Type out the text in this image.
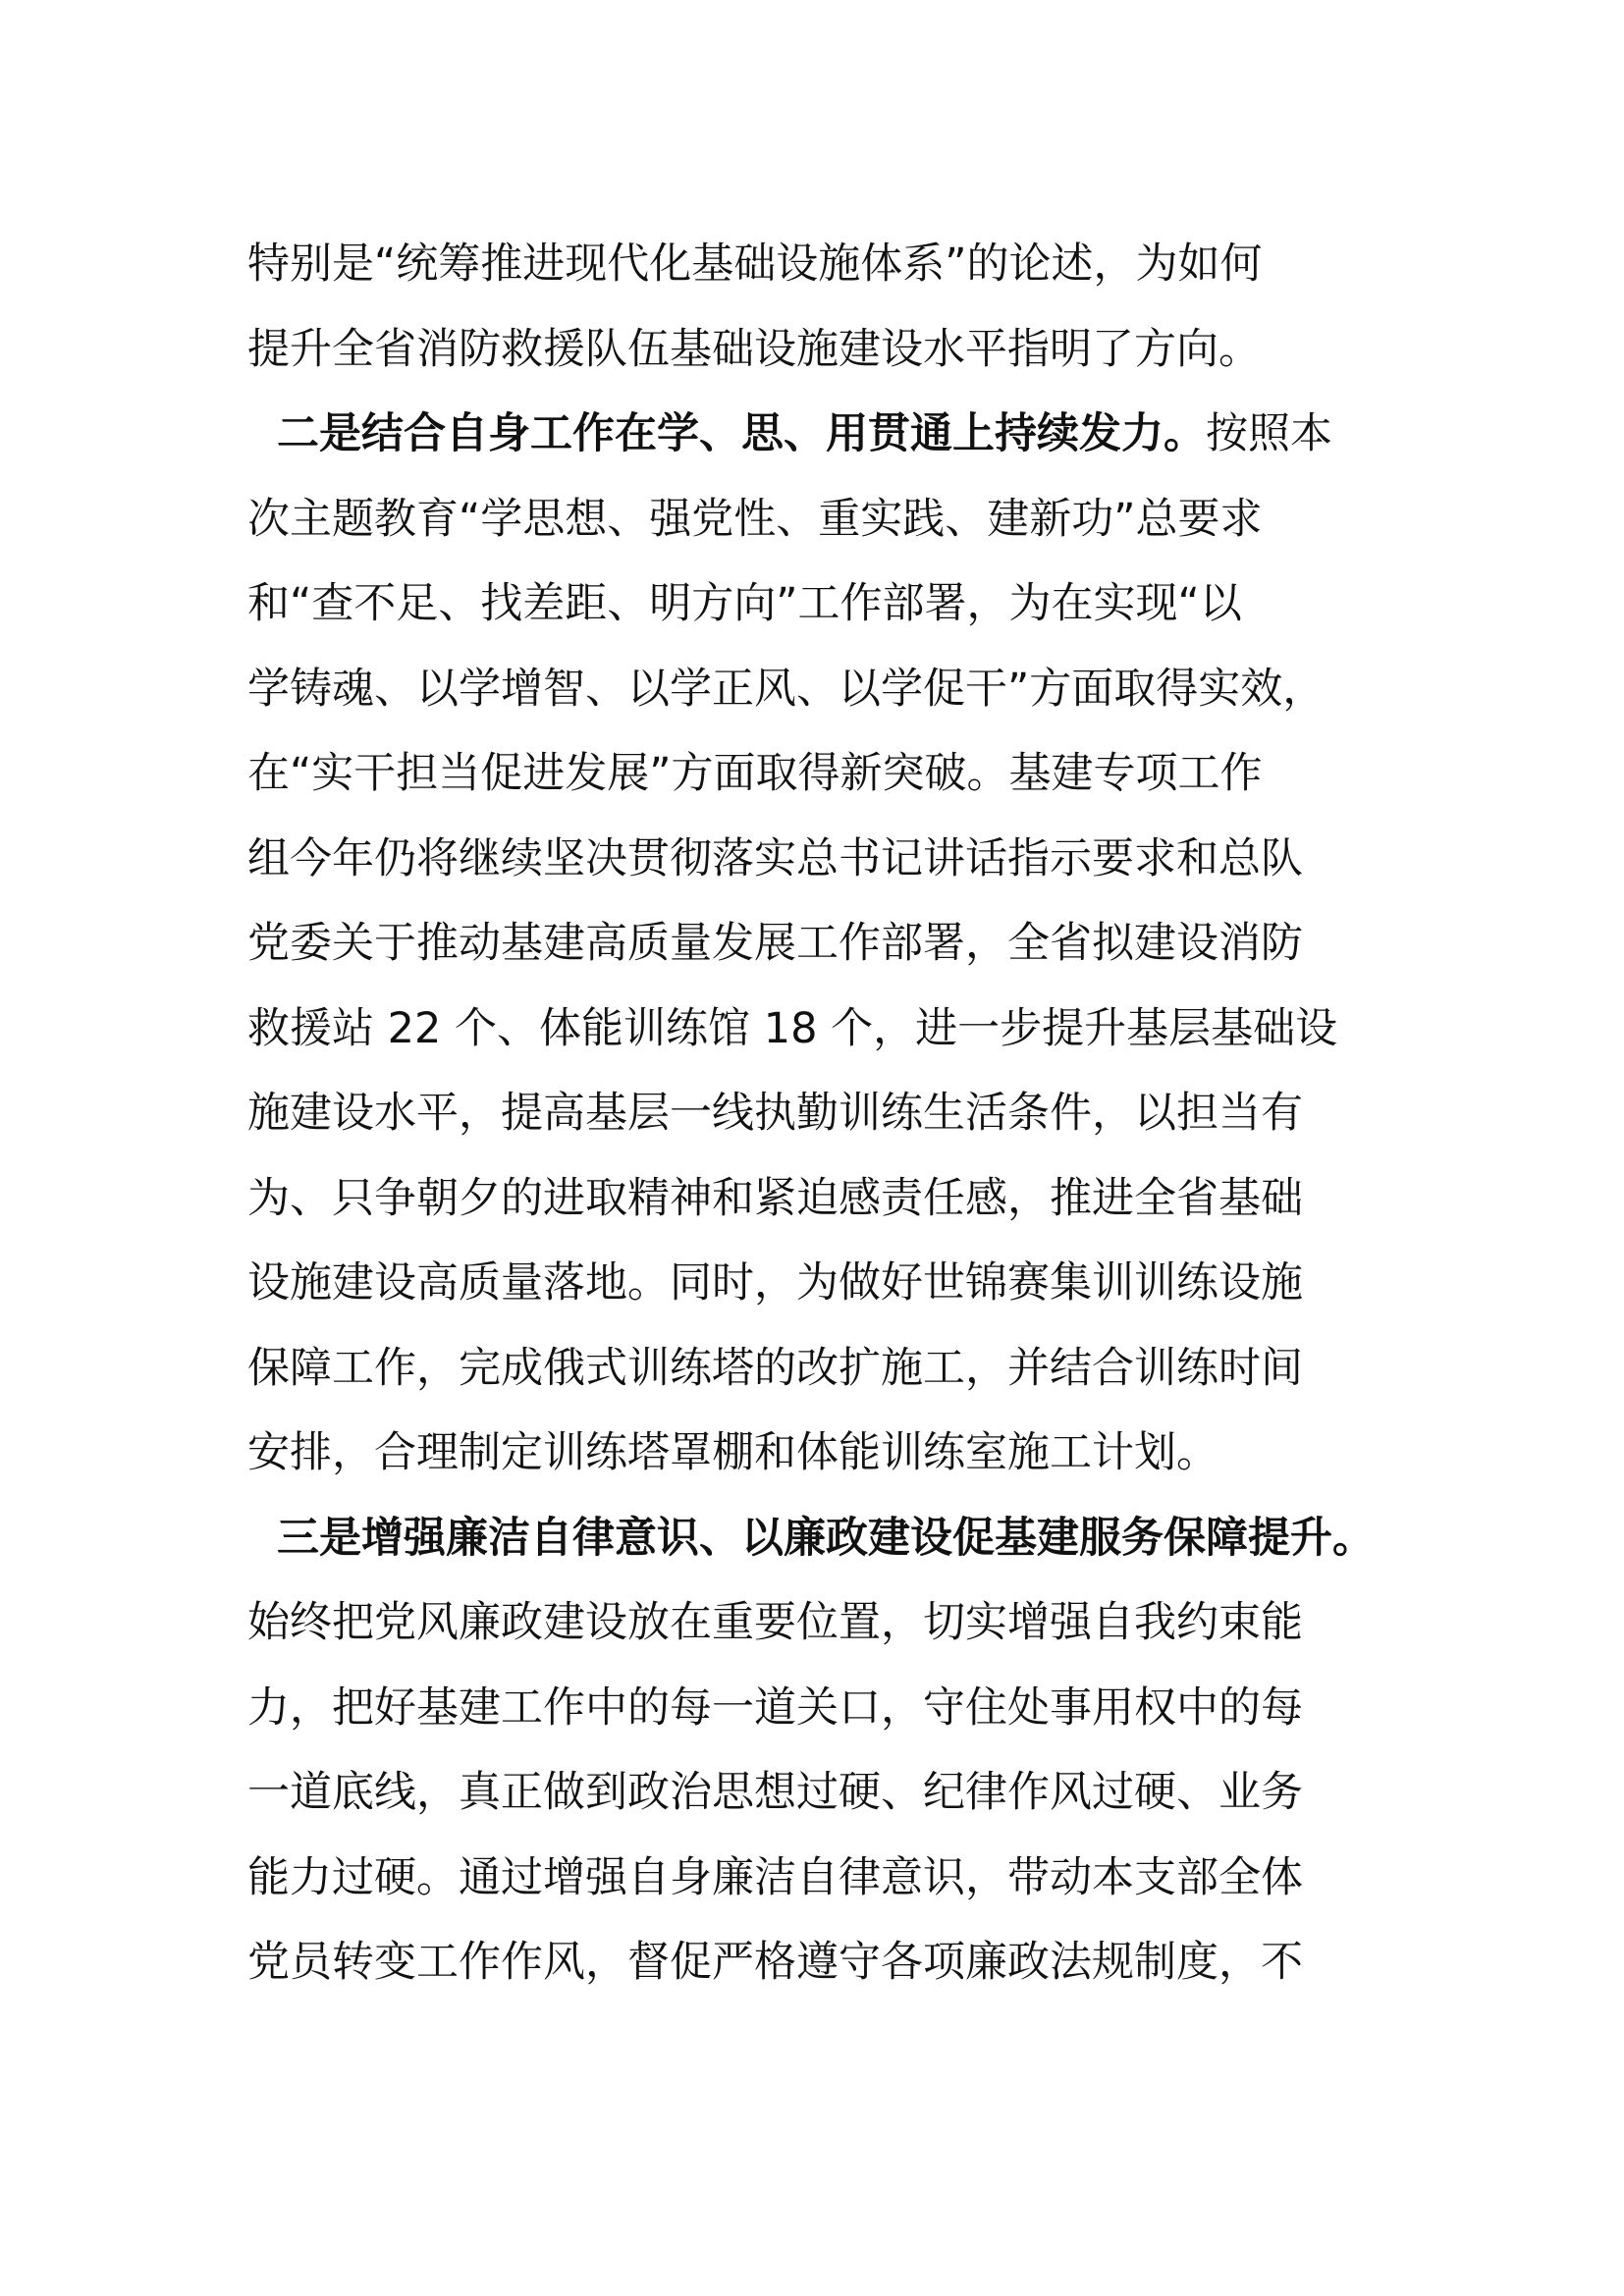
特别是“统筹推进现代化基础设施体系”的论述，为如何
提升全省消防救援队伍基础设施建设水平指明了方向。
二是结合自身工作在学、思、用贯通上持续发力。按照本
次主题教育“学思想、强党性、重实践、建新功”总要求
和“查不足、找差距、明方向”工作部署，为在实现“以
学铸魂、以学增智、以学正风、以学促干”方面取得实效，
在“实干担当促进发展”方面取得新突破。基建专项工作
组今年仍将继续坚决贯彻落实总书记讲话指示要求和总队
党委关于推动基建高质量发展工作部署，全省拟建设消防
救援站 22 个、体能训练馆 18 个，进一步提升基层基础设
施建设水平，提高基层一线执勤训练生活条件，以担当有
为、只争朝夕的进取精神和紧迫感责任感，推进全省基础
设施建设高质量落地。同时，为做好世锦赛集训训练设施
保障工作，完成俄式训练塔的改扩施工，并结合训练时间
安排，合理制定训练塔罩棚和体能训练室施工计划。
三是增强廉洁自律意识、以廉政建设促基建服务保障提升。
始终把党风廉政建设放在重要位置，切实增强自我约束能
力，把好基建工作中的每一道关口，守住处事用权中的每
一道底线，真正做到政治思想过硬、纪律作风过硬、业务
能力过硬。通过增强自身廉洁自律意识，带动本支部全体
党员转变工作作风，督促严格遵守各项廉政法规制度，不
